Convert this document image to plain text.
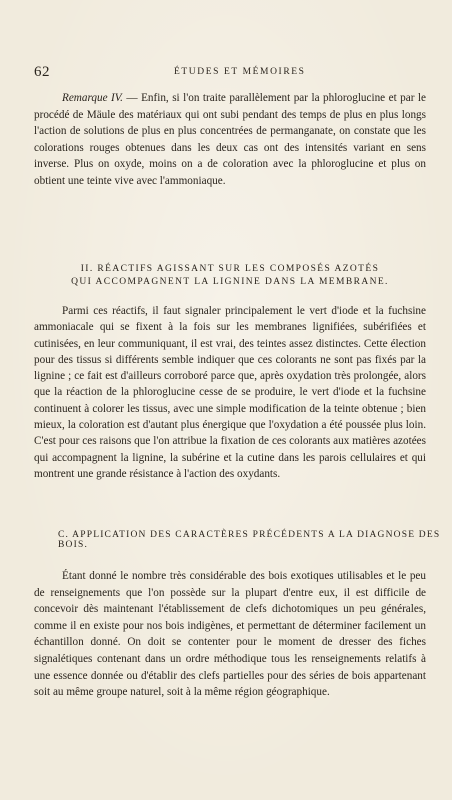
62	ÉTUDES ET MÉMOIRES
Remarque IV. — Enfin, si l'on traite parallèlement par la phloroglucine et par le procédé de Mäule des matériaux qui ont subi pendant des temps de plus en plus longs l'action de solutions de plus en plus concentrées de permanganate, on constate que les colorations rouges obtenues dans les deux cas ont des intensités variant en sens inverse. Plus on oxyde, moins on a de coloration avec la phloroglucine et plus on obtient une teinte vive avec l'ammoniaque.
II. RÉACTIFS AGISSANT SUR LES COMPOSÉS AZOTÉS
QUI ACCOMPAGNENT LA LIGNINE DANS LA MEMBRANE.
Parmi ces réactifs, il faut signaler principalement le vert d'iode et la fuchsine ammoniacale qui se fixent à la fois sur les membranes lignifiées, subérifiées et cutinisées, en leur communiquant, il est vrai, des teintes assez distinctes. Cette élection pour des tissus si différents semble indiquer que ces colorants ne sont pas fixés par la lignine ; ce fait est d'ailleurs corroboré parce que, après oxydation très prolongée, alors que la réaction de la phloroglucine cesse de se produire, le vert d'iode et la fuchsine continuent à colorer les tissus, avec une simple modification de la teinte obtenue ; bien mieux, la coloration est d'autant plus énergique que l'oxydation a été poussée plus loin. C'est pour ces raisons que l'on attribue la fixation de ces colorants aux matières azotées qui accompagnent la lignine, la subérine et la cutine dans les parois cellulaires et qui montrent une grande résistance à l'action des oxydants.
C. APPLICATION DES CARACTÈRES PRÉCÉDENTS A LA DIAGNOSE DES BOIS.
Étant donné le nombre très considérable des bois exotiques utilisables et le peu de renseignements que l'on possède sur la plupart d'entre eux, il est difficile de concevoir dès maintenant l'établissement de clefs dichotomiques un peu générales, comme il en existe pour nos bois indigènes, et permettant de déterminer facilement un échantillon donné. On doit se contenter pour le moment de dresser des fiches signalétiques contenant dans un ordre méthodique tous les renseignements relatifs à une essence donnée ou d'établir des clefs partielles pour des séries de bois appartenant soit au même groupe naturel, soit à la même région géographique.
